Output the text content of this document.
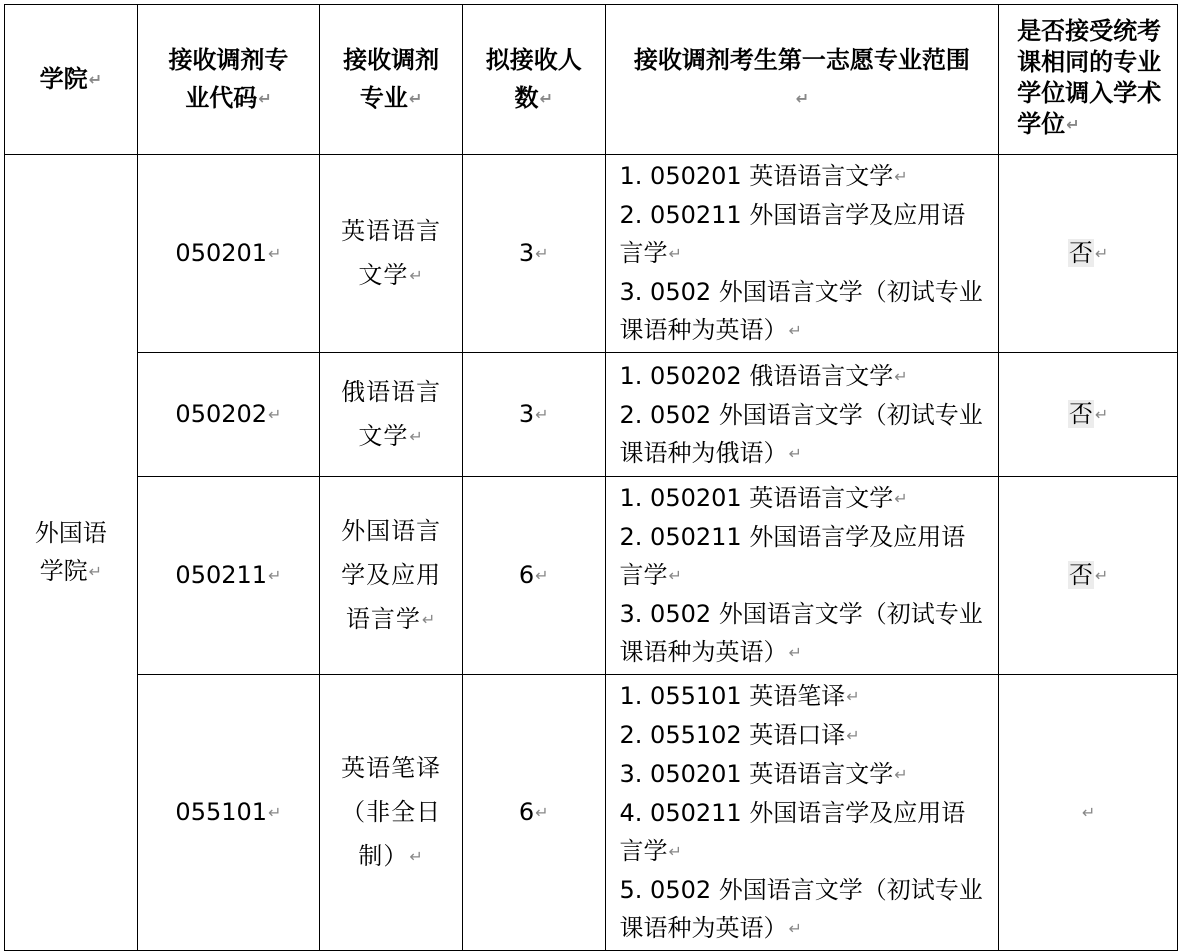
学院↵	接收调剂专业代码↵	接收调剂专业↵	拟接收人数↵	接收调剂考生第一志愿专业范围↵	是否接受统考课相同的专业学位调入学术学位↵
外国语学院↵	050201↵	英语语言文学↵	3↵	1. 050201 英语语言文学↵
2. 050211 外国语言学及应用语言学↵
3. 0502 外国语言文学（初试专业课语种为英语）↵	否 ↵
	050202↵	俄语语言文学↵	3↵	1. 050202 俄语语言文学↵
2. 0502 外国语言文学（初试专业课语种为俄语）↵	否 ↵
	050211↵	外国语言学及应用语言学↵	6↵	1. 050201 英语语言文学↵
2. 050211 外国语言学及应用语言学↵
3. 0502 外国语言文学（初试专业课语种为英语）↵	否 ↵
	055101↵	英语笔译（非全日制）↵	6↵	1. 055101 英语笔译↵
2. 055102 英语口译↵
3. 050201 英语语言文学↵
4. 050211 外国语言学及应用语言学↵
5. 0502 外国语言文学（初试专业课语种为英语）↵	↵
